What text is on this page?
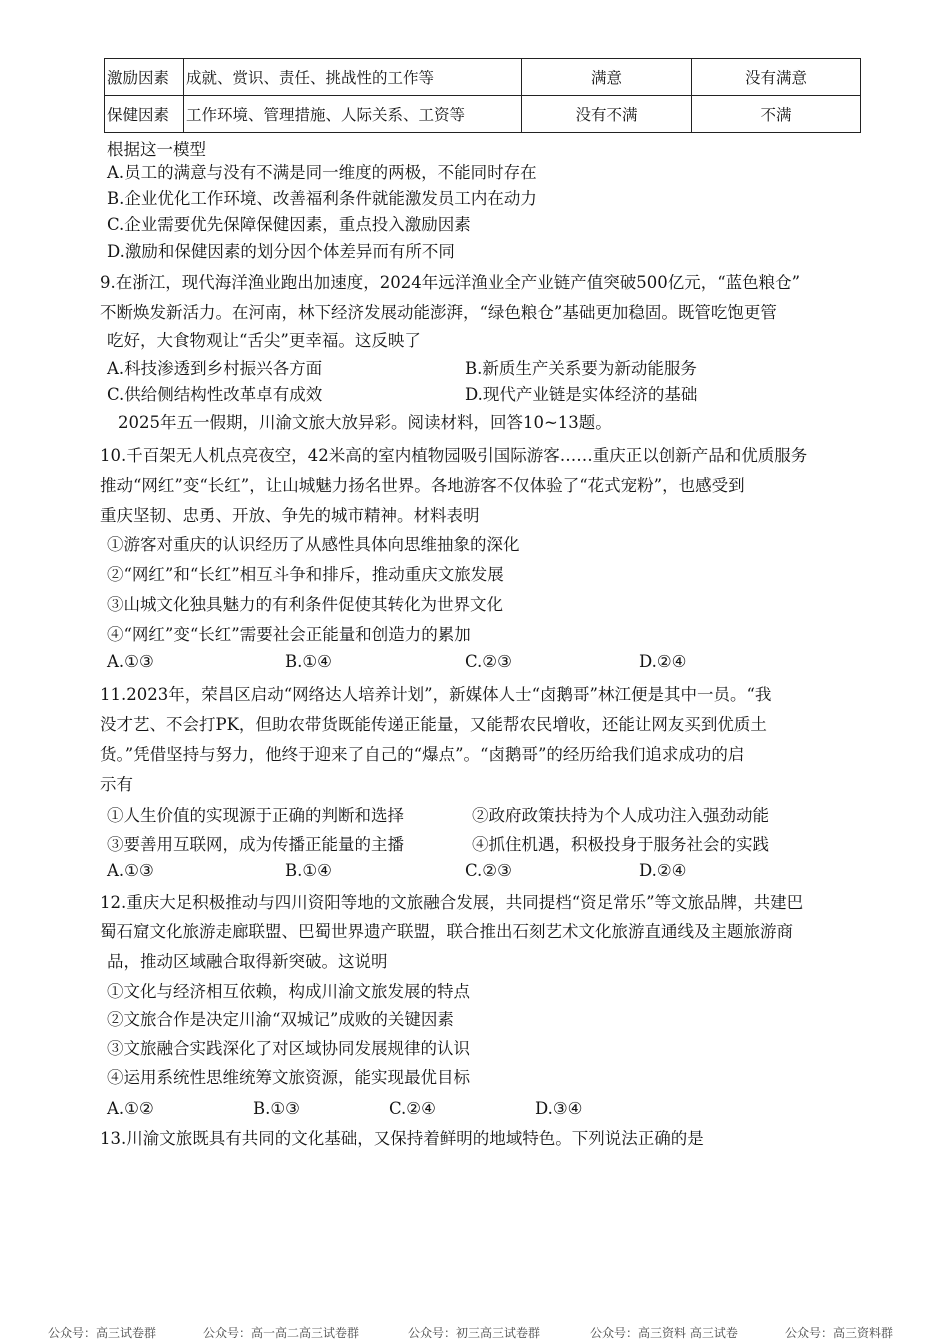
激励因素	成就、赏识、责任、挑战性的工作等	满意	没有满意
保健因素	工作环境、管理措施、人际关系、工资等	没有不满	不满
根据这一模型
A.员工的满意与没有不满是同一维度的两极，不能同时存在
B.企业优化工作环境、改善福利条件就能激发员工内在动力
C.企业需要优先保障保健因素，重点投入激励因素
D.激励和保健因素的划分因个体差异而有所不同
9.在浙江，现代海洋渔业跑出加速度，2024年远洋渔业全产业链产值突破500亿元，“蓝色粮仓”
不断焕发新活力。在河南，林下经济发展动能澎湃，“绿色粮仓”基础更加稳固。既管吃饱更管
吃好，大食物观让“舌尖”更幸福。这反映了
A.科技渗透到乡村振兴各方面	B.新质生产关系要为新动能服务
C.供给侧结构性改革卓有成效	D.现代产业链是实体经济的基础
2025年五一假期，川渝文旅大放异彩。阅读材料，回答10~13题。
10.千百架无人机点亮夜空，42米高的室内植物园吸引国际游客……重庆正以创新产品和优质服务
推动“网红”变“长红”，让山城魅力扬名世界。各地游客不仅体验了“花式宠粉”，也感受到
重庆坚韧、忠勇、开放、争先的城市精神。材料表明
①游客对重庆的认识经历了从感性具体向思维抽象的深化
②“网红”和“长红”相互斗争和排斥，推动重庆文旅发展
③山城文化独具魅力的有利条件促使其转化为世界文化
④“网红”变“长红”需要社会正能量和创造力的累加
A.①③	B.①④	C.②③	D.②④
11.2023年，荣昌区启动“网络达人培养计划”，新媒体人士“卤鹅哥”林江便是其中一员。“我
没才艺、不会打PK，但助农带货既能传递正能量，又能帮农民增收，还能让网友买到优质土
货。”凭借坚持与努力，他终于迎来了自己的“爆点”。“卤鹅哥”的经历给我们追求成功的启
示有
①人生价值的实现源于正确的判断和选择	②政府政策扶持为个人成功注入强劲动能
③要善用互联网，成为传播正能量的主播	④抓住机遇，积极投身于服务社会的实践
A.①③	B.①④	C.②③	D.②④
12.重庆大足积极推动与四川资阳等地的文旅融合发展，共同提档“资足常乐”等文旅品牌，共建巴
蜀石窟文化旅游走廊联盟、巴蜀世界遗产联盟，联合推出石刻艺术文化旅游直通线及主题旅游商
品，推动区域融合取得新突破。这说明
①文化与经济相互依赖，构成川渝文旅发展的特点
②文旅合作是决定川渝“双城记”成败的关键因素
③文旅融合实践深化了对区域协同发展规律的认识
④运用系统性思维统筹文旅资源，能实现最优目标
A.①②	B.①③	C.②④	D.③④
13.川渝文旅既具有共同的文化基础，又保持着鲜明的地域特色。下列说法正确的是
公众号：高三试卷群	公众号：高一高二高三试卷群	公众号：初三高三试卷群	公众号：高三资料 高三试卷	公众号：高三资料群
